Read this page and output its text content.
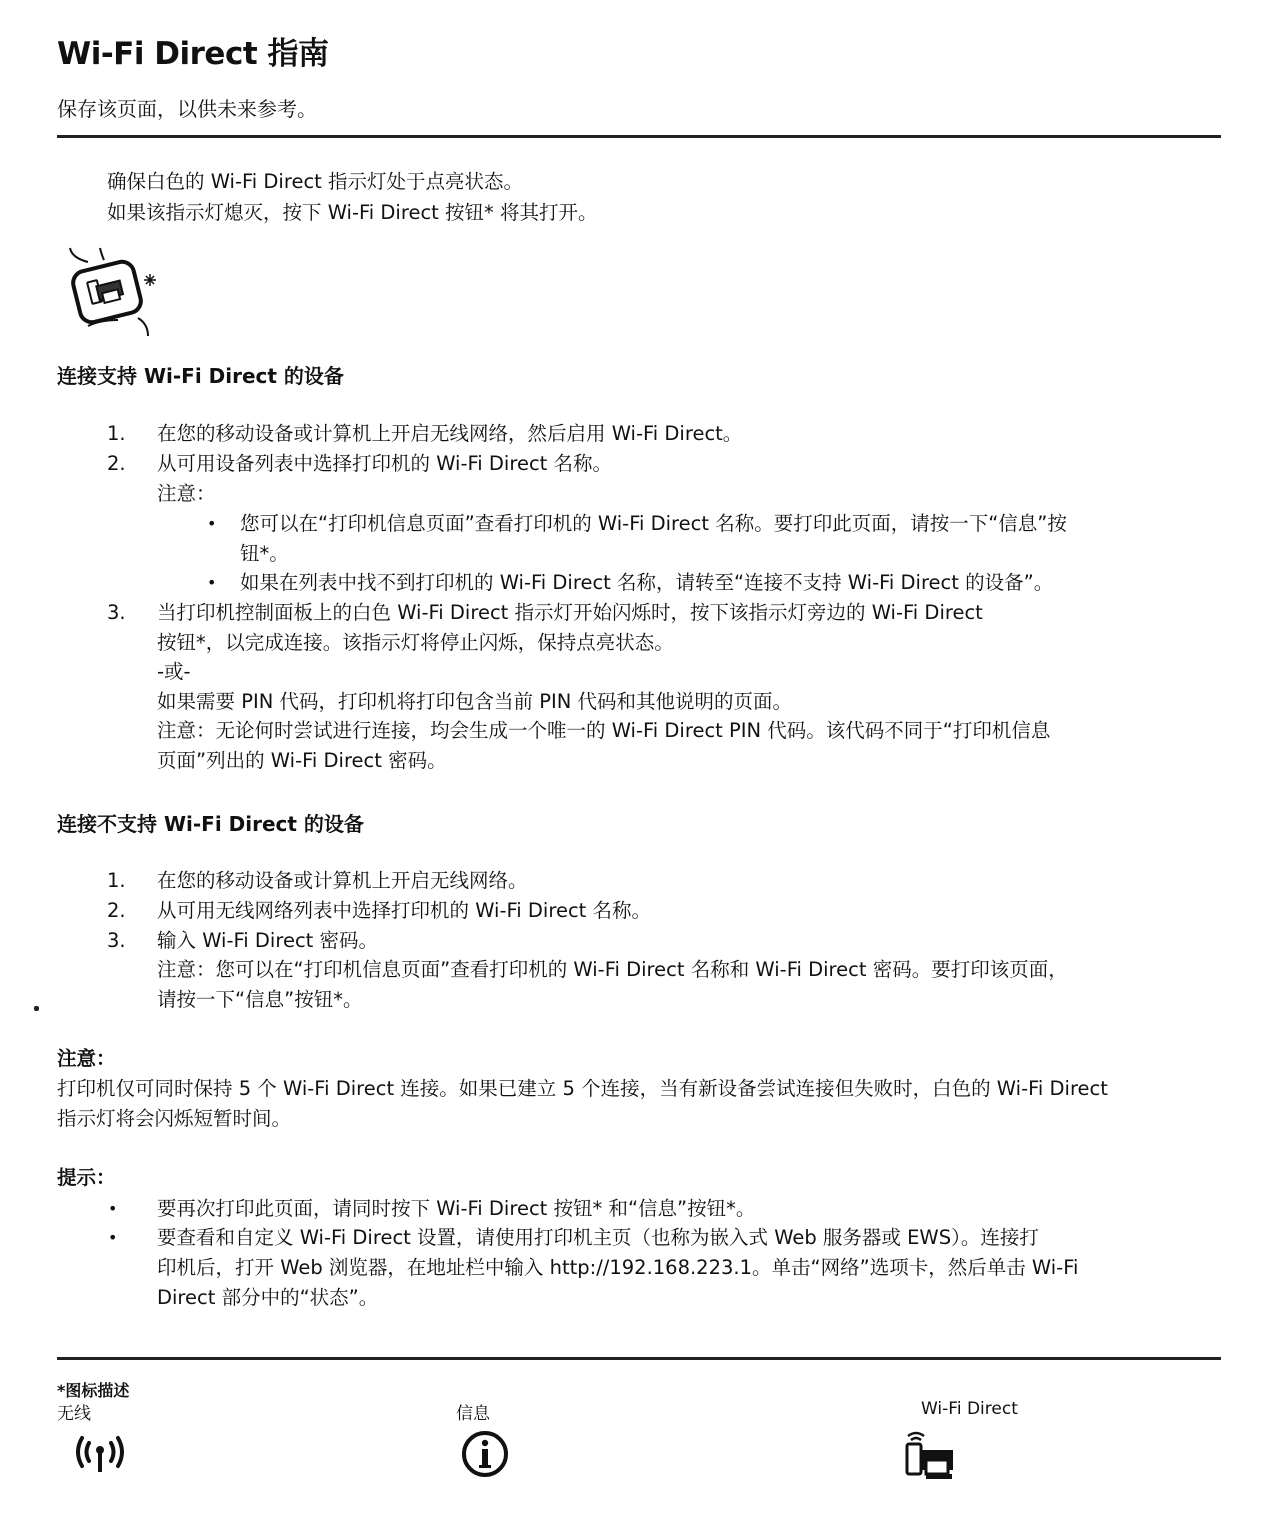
Wi-Fi Direct 指南
保存该页面，以供未来参考。
确保白色的 Wi-Fi Direct 指示灯处于点亮状态。
如果该指示灯熄灭，按下 Wi-Fi Direct 按钮* 将其打开。
连接支持 Wi-Fi Direct 的设备
1.	在您的移动设备或计算机上开启无线网络，然后启用 Wi-Fi Direct。
2.	从可用设备列表中选择打印机的 Wi-Fi Direct 名称。
注意：
• 您可以在“打印机信息页面”查看打印机的 Wi-Fi Direct 名称。要打印此页面，请按一下“信息”按
钮*。
• 如果在列表中找不到打印机的 Wi-Fi Direct 名称，请转至“连接不支持 Wi-Fi Direct 的设备”。
3.	当打印机控制面板上的白色 Wi-Fi Direct 指示灯开始闪烁时，按下该指示灯旁边的 Wi-Fi Direct
按钮*，以完成连接。该指示灯将停止闪烁，保持点亮状态。
-或-
如果需要 PIN 代码，打印机将打印包含当前 PIN 代码和其他说明的页面。
注意：无论何时尝试进行连接，均会生成一个唯一的 Wi-Fi Direct PIN 代码。该代码不同于“打印机信息
页面”列出的 Wi-Fi Direct 密码。
连接不支持 Wi-Fi Direct 的设备
1.	在您的移动设备或计算机上开启无线网络。
2.	从可用无线网络列表中选择打印机的 Wi-Fi Direct 名称。
3.	输入 Wi-Fi Direct 密码。
注意：您可以在“打印机信息页面”查看打印机的 Wi-Fi Direct 名称和 Wi-Fi Direct 密码。要打印该页面，
请按一下“信息”按钮*。
注意：
打印机仅可同时保持 5 个 Wi-Fi Direct 连接。如果已建立 5 个连接，当有新设备尝试连接但失败时，白色的 Wi-Fi Direct
指示灯将会闪烁短暂时间。
提示：
• 要再次打印此页面，请同时按下 Wi-Fi Direct 按钮* 和“信息”按钮*。
• 要查看和自定义 Wi-Fi Direct 设置，请使用打印机主页（也称为嵌入式 Web 服务器或 EWS）。连接打
印机后，打开 Web 浏览器，在地址栏中输入 http://192.168.223.1。单击“网络”选项卡，然后单击 Wi-Fi
Direct 部分中的“状态”。
*图标描述
无线	信息	Wi-Fi Direct
